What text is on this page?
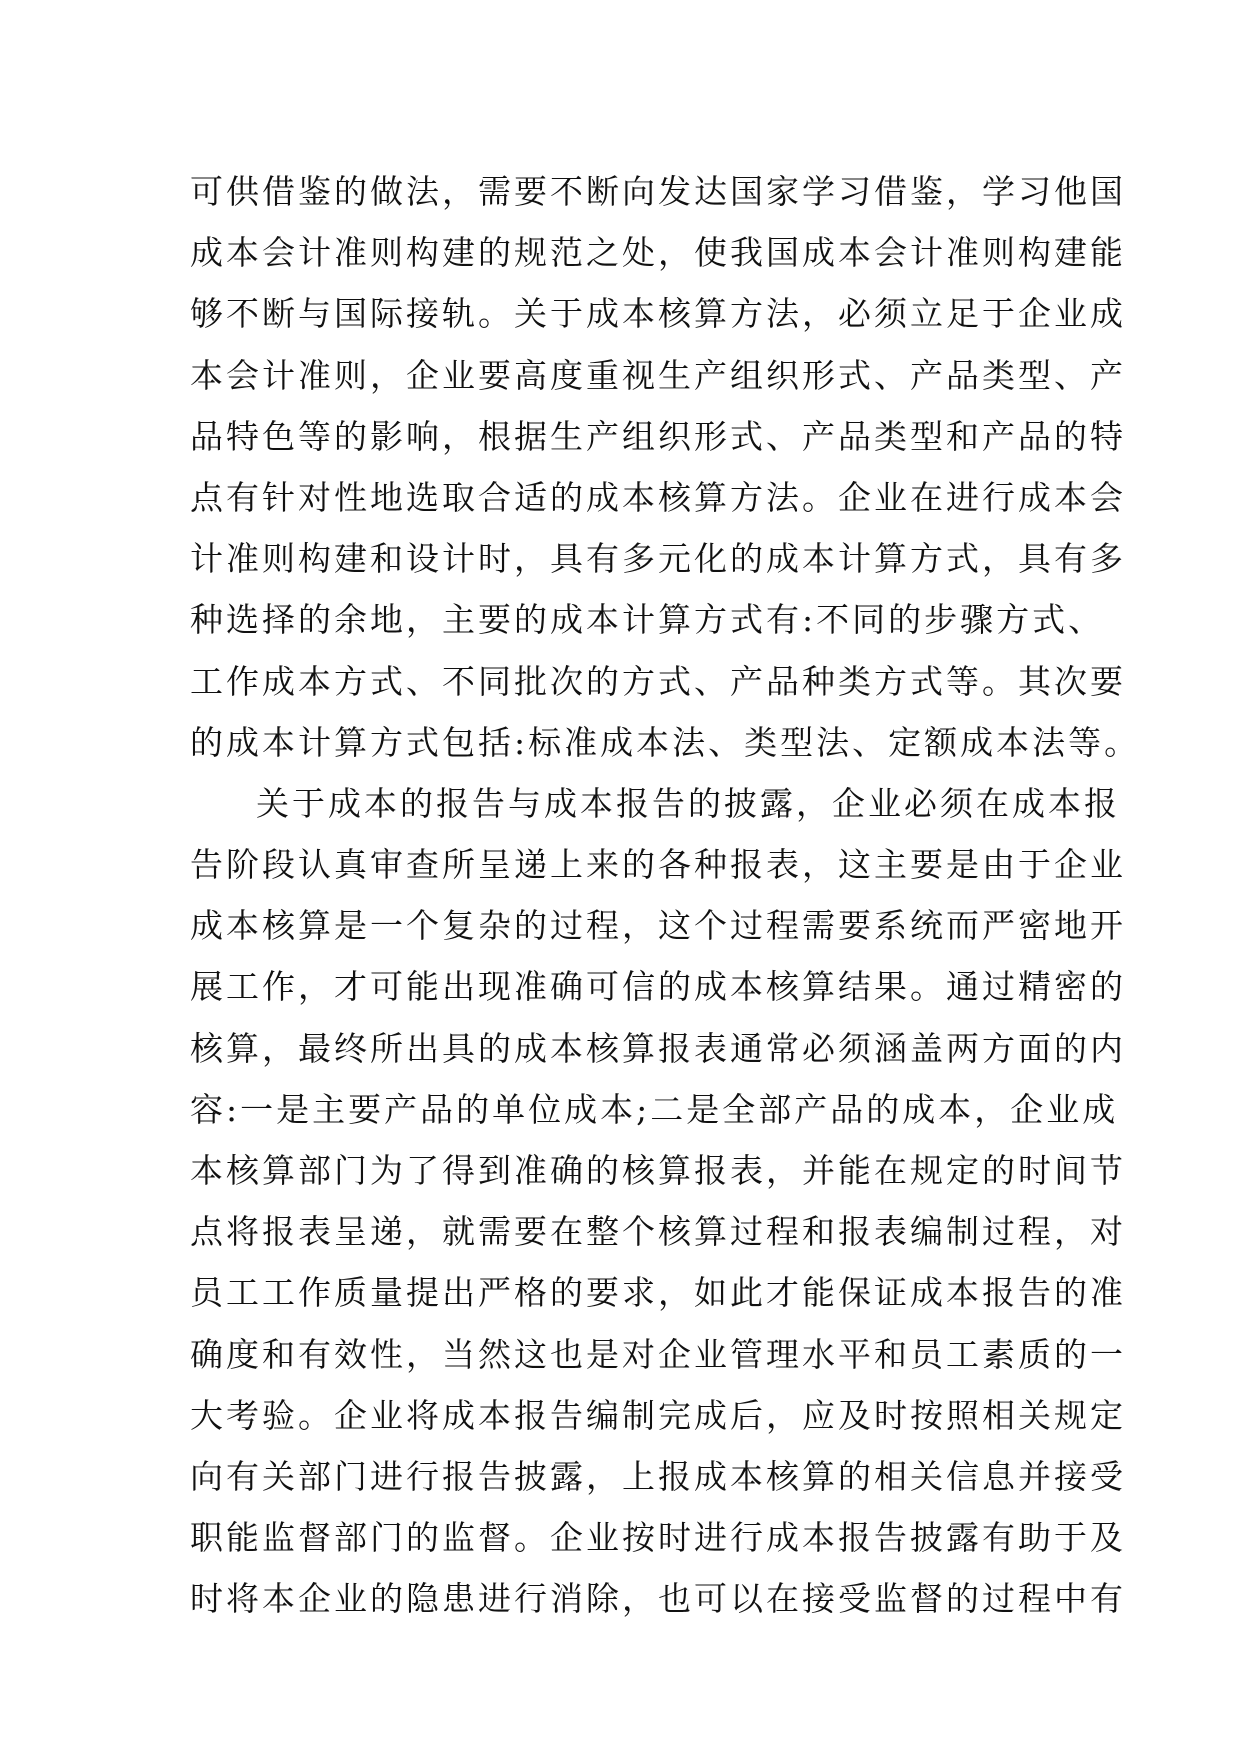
可供借鉴的做法，需要不断向发达国家学习借鉴，学习他国
成本会计准则构建的规范之处，使我国成本会计准则构建能
够不断与国际接轨。关于成本核算方法，必须立足于企业成
本会计准则，企业要高度重视生产组织形式、产品类型、产
品特色等的影响，根据生产组织形式、产品类型和产品的特
点有针对性地选取合适的成本核算方法。企业在进行成本会
计准则构建和设计时，具有多元化的成本计算方式，具有多
种选择的余地，主要的成本计算方式有:不同的步骤方式、
工作成本方式、不同批次的方式、产品种类方式等。其次要
的成本计算方式包括:标准成本法、类型法、定额成本法等。
关于成本的报告与成本报告的披露，企业必须在成本报
告阶段认真审查所呈递上来的各种报表，这主要是由于企业
成本核算是一个复杂的过程，这个过程需要系统而严密地开
展工作，才可能出现准确可信的成本核算结果。通过精密的
核算，最终所出具的成本核算报表通常必须涵盖两方面的内
容:一是主要产品的单位成本;二是全部产品的成本，企业成
本核算部门为了得到准确的核算报表，并能在规定的时间节
点将报表呈递，就需要在整个核算过程和报表编制过程，对
员工工作质量提出严格的要求，如此才能保证成本报告的准
确度和有效性，当然这也是对企业管理水平和员工素质的一
大考验。企业将成本报告编制完成后，应及时按照相关规定
向有关部门进行报告披露，上报成本核算的相关信息并接受
职能监督部门的监督。企业按时进行成本报告披露有助于及
时将本企业的隐患进行消除，也可以在接受监督的过程中有
